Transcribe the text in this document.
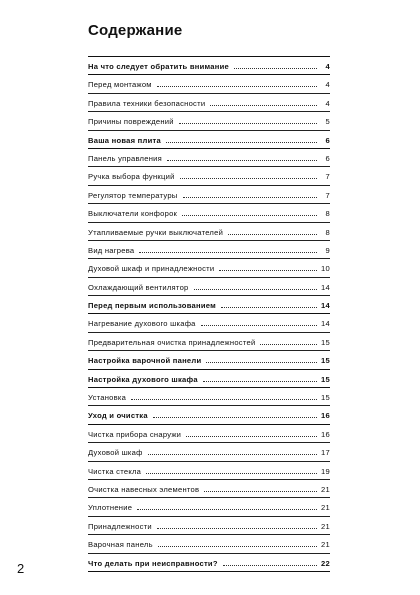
Содержание
На что следует обратить внимание	4
Перед монтажом	4
Правила техники безопасности	4
Причины повреждений	5
Ваша новая плита	6
Панель управления	6
Ручка выбора функций	7
Регулятор температуры	7
Выключатели конфорок	8
Утапливаемые ручки выключателей	8
Вид нагрева	9
Духовой шкаф и принадлежности	10
Охлаждающий вентилятор	14
Перед первым использованием	14
Нагревание духового шкафа	14
Предварительная очистка принадлежностей	15
Настройка варочной панели	15
Настройка духового шкафа	15
Установка	15
Уход и очистка	16
Чистка прибора снаружи	16
Духовой шкаф	17
Чистка стекла	19
Очистка навесных элементов	21
Уплотнение	21
Принадлежности	21
Варочная панель	21
Что делать при неисправности?	22
2
